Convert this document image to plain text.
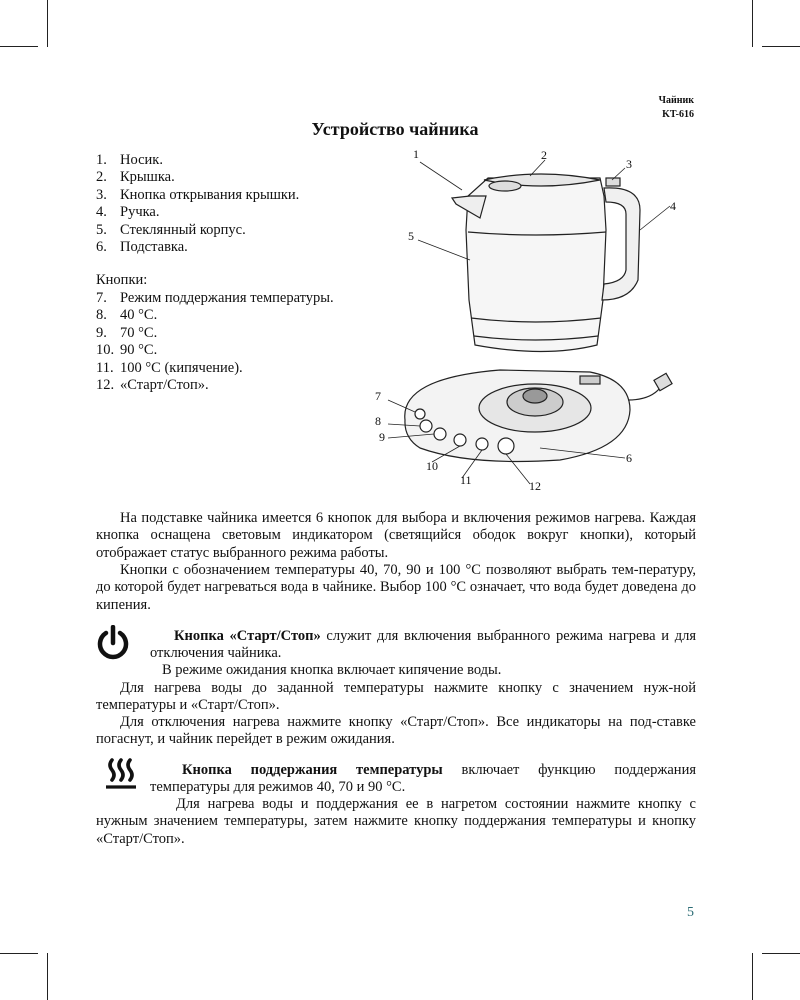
Чайник
KT-616
Устройство чайника
1. Носик.
2. Крышка.
3. Кнопка открывания крышки.
4. Ручка.
5. Стеклянный корпус.
6. Подставка.
Кнопки:
7. Режим поддержания температуры.
8. 40 °С.
9. 70 °С.
10. 90 °С.
11. 100 °С (кипячение).
12. «Старт/Стоп».
1	2
3
4
5
6
7
8
9
10
11	12

На подставке чайника имеется 6 кнопок для выбора и включения режимов нагрева. Каждая кнопка оснащена световым индикатором (светящийся ободок вокруг кнопки), который отображает статус выбранного режима работы.

Кнопки с обозначением температуры 40, 70, 90 и 100 °С позволяют выбрать тем-пературу, до которой будет нагреваться вода в чайнике. Выбор 100 °С означает, что вода будет доведена до кипения.

Кнопка «Старт/Стоп» служит для включения выбранного режима нагрева и для отключения чайника.

В режиме ожидания кнопка включает кипячение воды.

Для нагрева воды до заданной температуры нажмите кнопку с значением нуж-ной температуры и «Старт/Стоп».

Для отключения нагрева нажмите кнопку «Старт/Стоп». Все индикаторы на под-ставке погаснут, и чайник перейдет в режим ожидания.

Кнопка поддержания температуры включает функцию поддержания температуры для режимов 40, 70 и 90 °С.

Для нагрева воды и поддержания ее в нагретом состоянии нажмите кнопку с нужным значением температуры, затем нажмите кнопку поддержания температуры и кнопку «Старт/Стоп».

5
